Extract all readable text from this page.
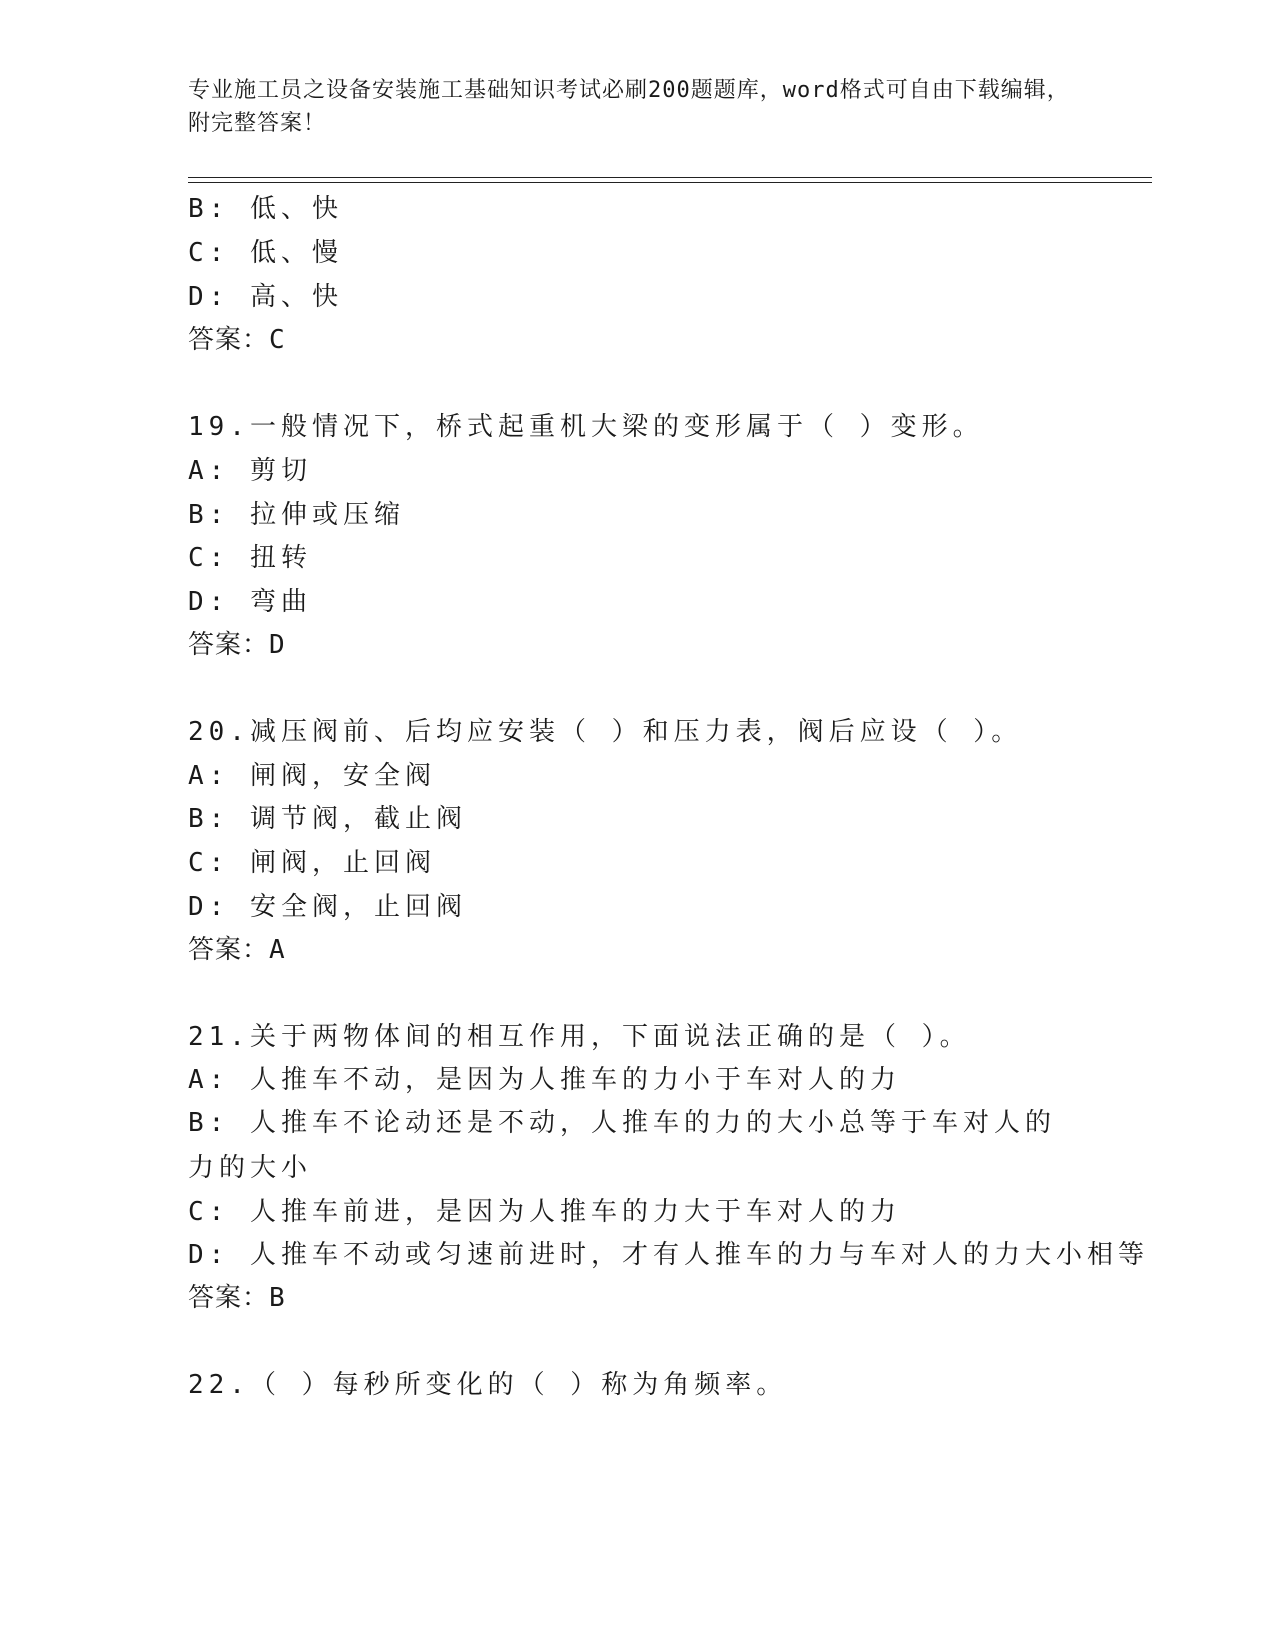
专业施工员之设备安装施工基础知识考试必刷200题题库，word格式可自由下载编辑，附完整答案！
B: 低、快
C: 低、慢
D: 高、快
答案：C
19.一般情况下，桥式起重机大梁的变形属于（ ）变形。
A: 剪切
B: 拉伸或压缩
C: 扭转
D: 弯曲
答案：D
20.减压阀前、后均应安装（ ）和压力表，阀后应设（ ）。
A: 闸阀，安全阀
B: 调节阀，截止阀
C: 闸阀，止回阀
D: 安全阀，止回阀
答案：A
21.关于两物体间的相互作用，下面说法正确的是（ ）。
A: 人推车不动，是因为人推车的力小于车对人的力
B: 人推车不论动还是不动，人推车的力的大小总等于车对人的力的大小
C: 人推车前进，是因为人推车的力大于车对人的力
D: 人推车不动或匀速前进时，才有人推车的力与车对人的力大小相等
答案：B
22.（ ）每秒所变化的（ ）称为角频率。
